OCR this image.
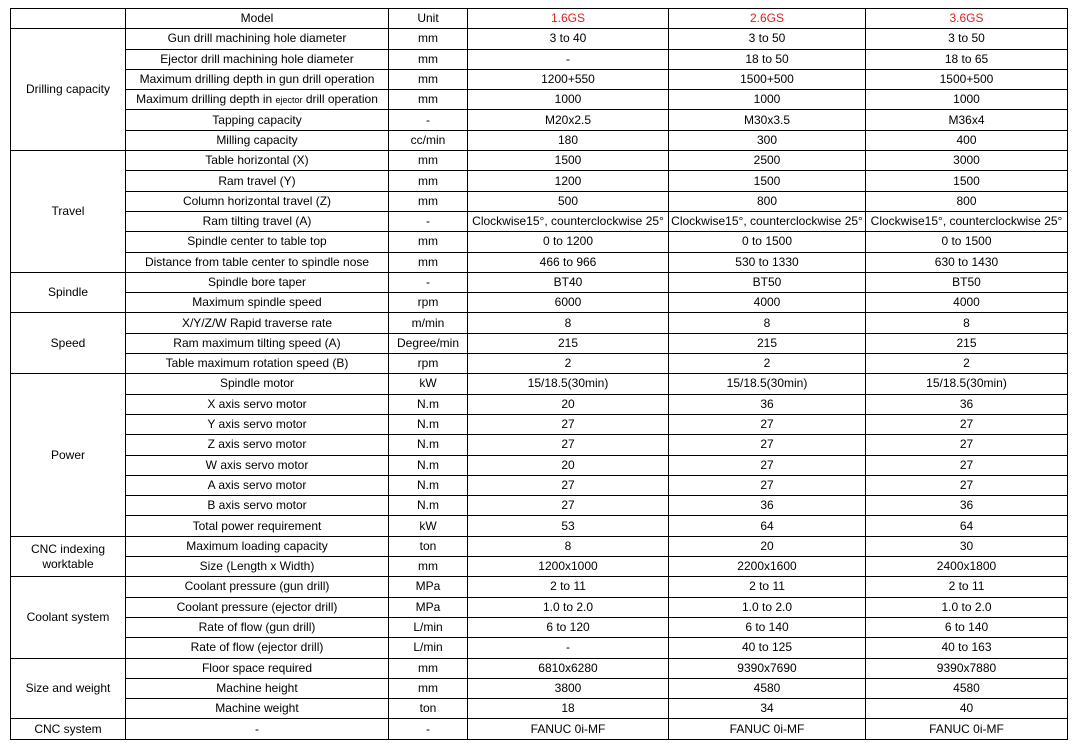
	Model	Unit	1.6GS	2.6GS	3.6GS
Drilling capacity	Gun drill machining hole diameter	mm	3 to 40	3 to 50	3 to 50
	Ejector drill machining hole diameter	mm	-	18 to 50	18 to 65
	Maximum drilling depth in gun drill operation	mm	1200+550	1500+500	1500+500
	Maximum drilling depth in ejector drill operation	mm	1000	1000	1000
	Tapping capacity	-	M20x2.5	M30x3.5	M36x4
	Milling capacity	cc/min	180	300	400
Travel	Table horizontal (X)	mm	1500	2500	3000
	Ram travel (Y)	mm	1200	1500	1500
	Column horizontal travel (Z)	mm	500	800	800
	Ram tilting travel (A)	-	Clockwise15°, counterclockwise 25°	Clockwise15°, counterclockwise 25°	Clockwise15°, counterclockwise 25°
	Spindle center to table top	mm	0 to 1200	0 to 1500	0 to 1500
	Distance from table center to spindle nose	mm	466 to 966	530 to 1330	630 to 1430
Spindle	Spindle bore taper	-	BT40	BT50	BT50
	Maximum spindle speed	rpm	6000	4000	4000
Speed	X/Y/Z/W Rapid traverse rate	m/min	8	8	8
	Ram maximum tilting speed (A)	Degree/min	215	215	215
	Table maximum rotation speed (B)	rpm	2	2	2
Power	Spindle motor	kW	15/18.5(30min)	15/18.5(30min)	15/18.5(30min)
	X axis servo motor	N.m	20	36	36
	Y axis servo motor	N.m	27	27	27
	Z axis servo motor	N.m	27	27	27
	W axis servo motor	N.m	20	27	27
	A axis servo motor	N.m	27	27	27
	B axis servo motor	N.m	27	36	36
	Total power requirement	kW	53	64	64
CNC indexing worktable	Maximum loading capacity	ton	8	20	30
	Size (Length x Width)	mm	1200x1000	2200x1600	2400x1800
Coolant system	Coolant pressure (gun drill)	MPa	2 to 11	2 to 11	2 to 11
	Coolant pressure (ejector drill)	MPa	1.0 to 2.0	1.0 to 2.0	1.0 to 2.0
	Rate of flow (gun drill)	L/min	6 to 120	6 to 140	6 to 140
	Rate of flow (ejector drill)	L/min	-	40 to 125	40 to 163
Size and weight	Floor space required	mm	6810x6280	9390x7690	9390x7880
	Machine height	mm	3800	4580	4580
	Machine weight	ton	18	34	40
CNC system	-	-	FANUC 0i-MF	FANUC 0i-MF	FANUC 0i-MF
